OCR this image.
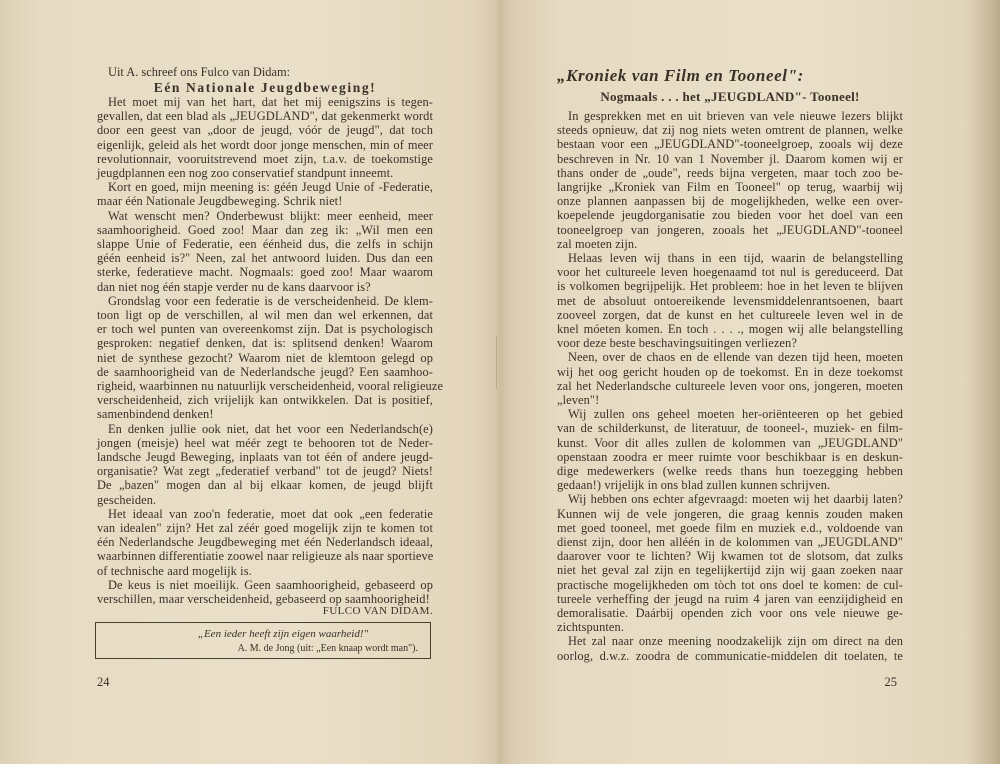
Uit A. schreef ons Fulco van Didam:
Eén Nationale Jeugdbeweging!
Het moet mij van het hart, dat het mij eenigszins is tegen-
gevallen, dat een blad als „JEUGDLAND", dat gekenmerkt wordt
door een geest van „door de jeugd, vóór de jeugd", dat toch
eigenlijk, geleid als het wordt door jonge menschen, min of meer
revolutionnair, vooruitstrevend moet zijn, t.a.v. de toekomstige
jeugdplannen een nog zoo conservatief standpunt inneemt.
Kort en goed, mijn meening is: géén Jeugd Unie of -Federatie,
maar één Nationale Jeugdbeweging. Schrik niet!
Wat wenscht men? Onderbewust blijkt: meer eenheid, meer
saamhoorigheid. Goed zoo! Maar dan zeg ik: „Wil men een
slappe Unie of Federatie, een éénheid dus, die zelfs in schijn
géén eenheid is?" Neen, zal het antwoord luiden. Dus dan een
sterke, federatieve macht. Nogmaals: goed zoo! Maar waarom
dan niet nog één stapje verder nu de kans daarvoor is?
Grondslag voor een federatie is de verscheidenheid. De klem-
toon ligt op de verschillen, al wil men dan wel erkennen, dat
er toch wel punten van overeenkomst zijn. Dat is psychologisch
gesproken: negatief denken, dat is: splitsend denken! Waarom
niet de synthese gezocht? Waarom niet de klemtoon gelegd op
de saamhoorigheid van de Nederlandsche jeugd? Een saamhoo-
righeid, waarbinnen nu natuurlijk verscheidenheid, vooral religieuze
verscheidenheid, zich vrijelijk kan ontwikkelen. Dat is positief,
samenbindend denken!
En denken jullie ook niet, dat het voor een Nederlandsch(e)
jongen (meisje) heel wat méér zegt te behooren tot de Neder-
landsche Jeugd Beweging, inplaats van tot één of andere jeugd-
organisatie? Wat zegt „federatief verband" tot de jeugd? Niets!
De „bazen" mogen dan al bij elkaar komen, de jeugd blijft
gescheiden.
Het ideaal van zoo'n federatie, moet dat ook „een federatie
van idealen" zijn? Het zal zéér goed mogelijk zijn te komen tot
één Nederlandsche Jeugdbeweging met één Nederlandsch ideaal,
waarbinnen differentiatie zoowel naar religieuze als naar sportieve
of technische aard mogelijk is.
De keus is niet moeilijk. Geen saamhoorigheid, gebaseerd op
verschillen, maar verscheidenheid, gebaseerd op saamhoorigheid!
FULCO VAN DIDAM.
„Een ieder heeft zijn eigen waarheid!"
A. M. de Jong (uit: „Een knaap wordt man").
24
„Kroniek van Film en Tooneel":
Nogmaals . . . het „JEUGDLAND"- Tooneel!
In gesprekken met en uit brieven van vele nieuwe lezers blijkt
steeds opnieuw, dat zij nog niets weten omtrent de plannen, welke
bestaan voor een „JEUGDLAND"-tooneelgroep, zooals wij deze
beschreven in Nr. 10 van 1 November jl. Daarom komen wij er
thans onder de „oude", reeds bijna vergeten, maar toch zoo be-
langrijke „Kroniek van Film en Tooneel" op terug, waarbij wij
onze plannen aanpassen bij de mogelijkheden, welke een over-
koepelende jeugdorganisatie zou bieden voor het doel van een
tooneelgroep van jongeren, zooals het „JEUGDLAND"-tooneel
zal moeten zijn.
Helaas leven wij thans in een tijd, waarin de belangstelling
voor het cultureele leven hoegenaamd tot nul is gereduceerd. Dat
is volkomen begrijpelijk. Het probleem: hoe in het leven te blijven
met de absoluut ontoereikende levensmiddelenrantsoenen, baart
zooveel zorgen, dat de kunst en het cultureele leven wel in de
knel móeten komen. En toch . . . ., mogen wij alle belangstelling
voor deze beste beschavingsuitingen verliezen?
Neen, over de chaos en de ellende van dezen tijd heen, moeten
wij het oog gericht houden op de toekomst. En in deze toekomst
zal het Nederlandsche cultureele leven voor ons, jongeren, moeten
„leven"!
Wij zullen ons geheel moeten her-oriënteeren op het gebied
van de schilderkunst, de literatuur, de tooneel-, muziek- en film-
kunst. Voor dit alles zullen de kolommen van „JEUGDLAND"
openstaan zoodra er meer ruimte voor beschikbaar is en deskun-
dige medewerkers (welke reeds thans hun toezegging hebben
gedaan!) vrijelijk in ons blad zullen kunnen schrijven.
Wij hebben ons echter afgevraagd: moeten wij het daarbij laten?
Kunnen wij de vele jongeren, die graag kennis zouden maken
met goed tooneel, met goede film en muziek e.d., voldoende van
dienst zijn, door hen alléén in de kolommen van „JEUGDLAND"
daarover voor te lichten? Wij kwamen tot de slotsom, dat zulks
niet het geval zal zijn en tegelijkertijd zijn wij gaan zoeken naar
practische mogelijkheden om tòch tot ons doel te komen: de cul-
tureele verheffing der jeugd na ruim 4 jaren van eenzijdigheid en
demoralisatie. Daárbij openden zich voor ons vele nieuwe ge-
zichtspunten.
Het zal naar onze meening noodzakelijk zijn om direct na den
oorlog, d.w.z. zoodra de communicatie-middelen dit toelaten, te
25
